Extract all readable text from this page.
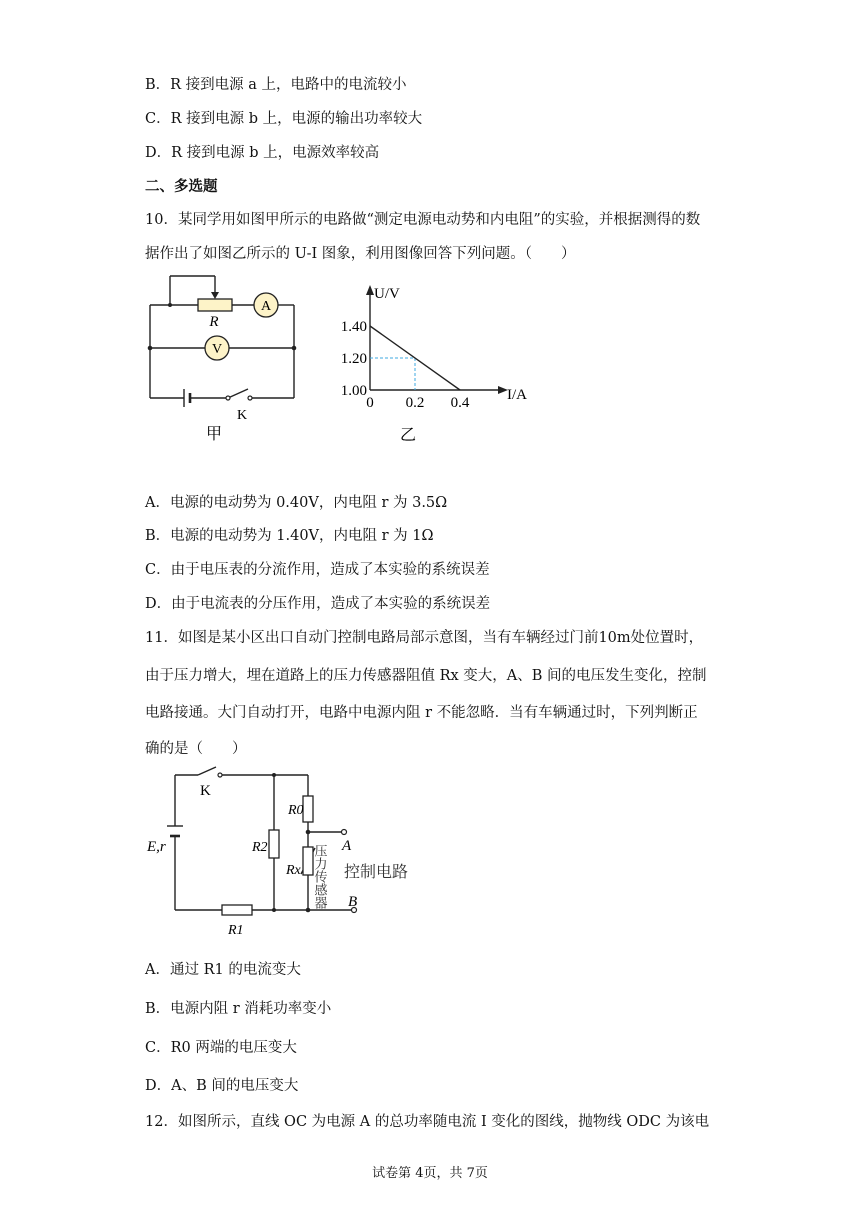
B．R 接到电源 a 上，电路中的电流较小
C．R 接到电源 b 上，电源的输出功率较大
D．R 接到电源 b 上，电源效率较高
二、多选题
10．某同学用如图甲所示的电路做“测定电源电动势和内电阻”的实验，并根据测得的数
据作出了如图乙所示的 U-I 图象，利用图像回答下列问题。（　　）
R
A
V
K
甲
U/V
I/A
1.40
1.20
1.00
0 0.2 0.4
乙
A．电源的电动势为 0.40V，内电阻 r 为 3.5Ω
B．电源的电动势为 1.40V，内电阻 r 为 1Ω
C．由于电压表的分流作用，造成了本实验的系统误差
D．由于电流表的分压作用，造成了本实验的系统误差
11．如图是某小区出口自动门控制电路局部示意图，当有车辆经过门前10m处位置时，
由于压力增大，埋在道路上的压力传感器阻值 Rx 变大，A、B 间的电压发生变化，控制
电路接通。大门自动打开，电路中电源内阻 r 不能忽略．当有车辆通过时，下列判断正
确的是（　　）
K
E,r
R0
R2
Rx
R1
A
B
压力传感器 控制电路
A．通过 R1 的电流变大
B．电源内阻 r 消耗功率变小
C．R0 两端的电压变大
D．A、B 间的电压变大
12．如图所示，直线 OC 为电源 A 的总功率随电流 I 变化的图线，抛物线 ODC 为该电
试卷第 4页，共 7页
